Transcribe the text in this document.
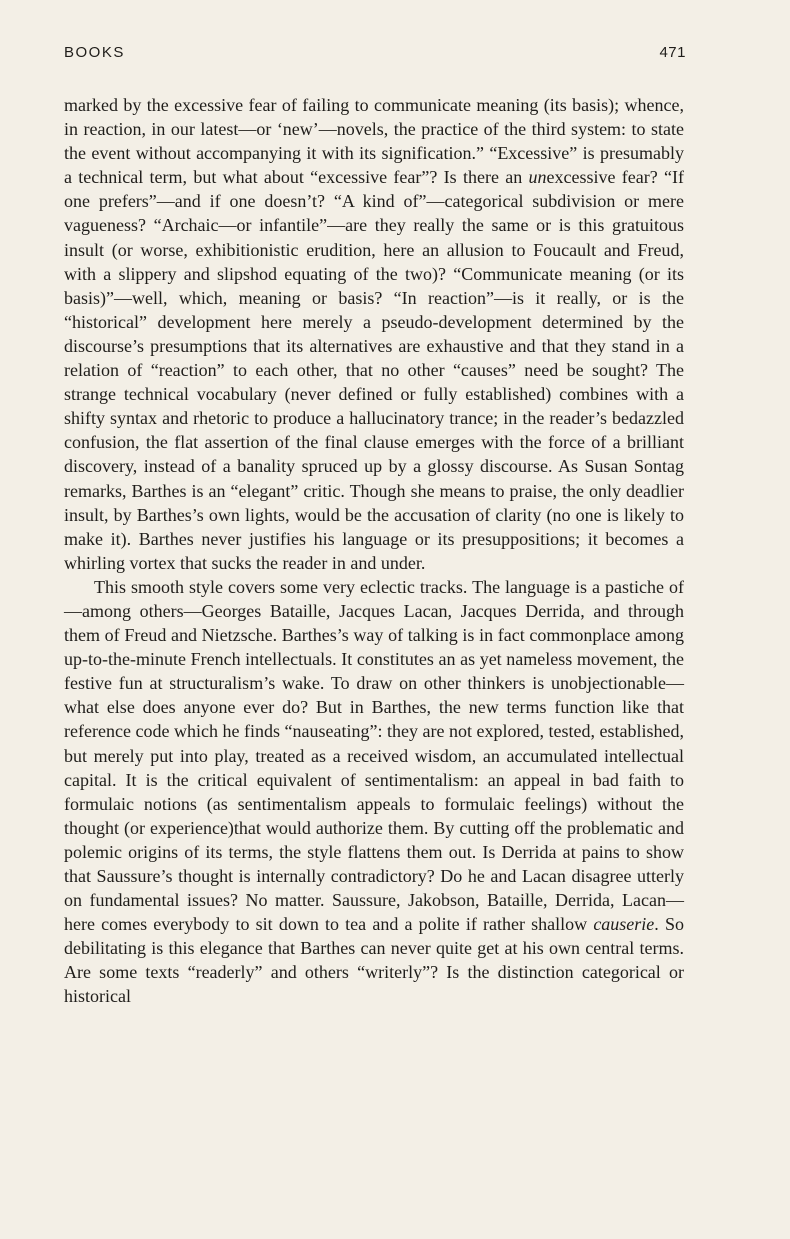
BOOKS	471

marked by the excessive fear of failing to communicate meaning (its basis); whence, in reaction, in our latest—or ‘new’—novels, the practice of the third system: to state the event without accompanying it with its signification.” “Excessive” is presumably a technical term, but what about “excessive fear”? Is there an unexcessive fear? “If one prefers”—and if one doesn’t? “A kind of”—categorical subdivision or mere vagueness? “Archaic—or infantile”—are they really the same or is this gratuitous insult (or worse, exhibitionistic erudition, here an allusion to Foucault and Freud, with a slippery and slipshod equating of the two)? “Communicate meaning (or its basis)”—well, which, meaning or basis? “In reaction”—is it really, or is the “historical” development here merely a pseudo-development determined by the discourse’s presumptions that its alternatives are exhaustive and that they stand in a relation of “reaction” to each other, that no other “causes” need be sought? The strange technical vocabulary (never defined or fully established) combines with a shifty syntax and rhetoric to produce a hallucinatory trance; in the reader’s bedazzled confusion, the flat assertion of the final clause emerges with the force of a brilliant discovery, instead of a banality spruced up by a glossy discourse. As Susan Sontag remarks, Barthes is an “elegant” critic. Though she means to praise, the only deadlier insult, by Barthes’s own lights, would be the accusation of clarity (no one is likely to make it). Barthes never justifies his language or its presuppositions; it becomes a whirling vortex that sucks the reader in and under.

This smooth style covers some very eclectic tracks. The language is a pastiche of—among others—Georges Bataille, Jacques Lacan, Jacques Derrida, and through them of Freud and Nietzsche. Barthes’s way of talking is in fact commonplace among up-to-the-minute French intellectuals. It constitutes an as yet nameless movement, the festive fun at structuralism’s wake. To draw on other thinkers is unobjectionable—what else does anyone ever do? But in Barthes, the new terms function like that reference code which he finds “nauseating”: they are not explored, tested, established, but merely put into play, treated as a received wisdom, an accumulated intellectual capital. It is the critical equivalent of sentimentalism: an appeal in bad faith to formulaic notions (as sentimentalism appeals to formulaic feelings) without the thought (or experience)that would authorize them. By cutting off the problematic and polemic origins of its terms, the style flattens them out. Is Derrida at pains to show that Saussure’s thought is internally contradictory? Do he and Lacan disagree utterly on fundamental issues? No matter. Saussure, Jakobson, Bataille, Derrida, Lacan—here comes everybody to sit down to tea and a polite if rather shallow causerie. So debilitating is this elegance that Barthes can never quite get at his own central terms. Are some texts “readerly” and others “writerly”? Is the distinction categorical or historical
